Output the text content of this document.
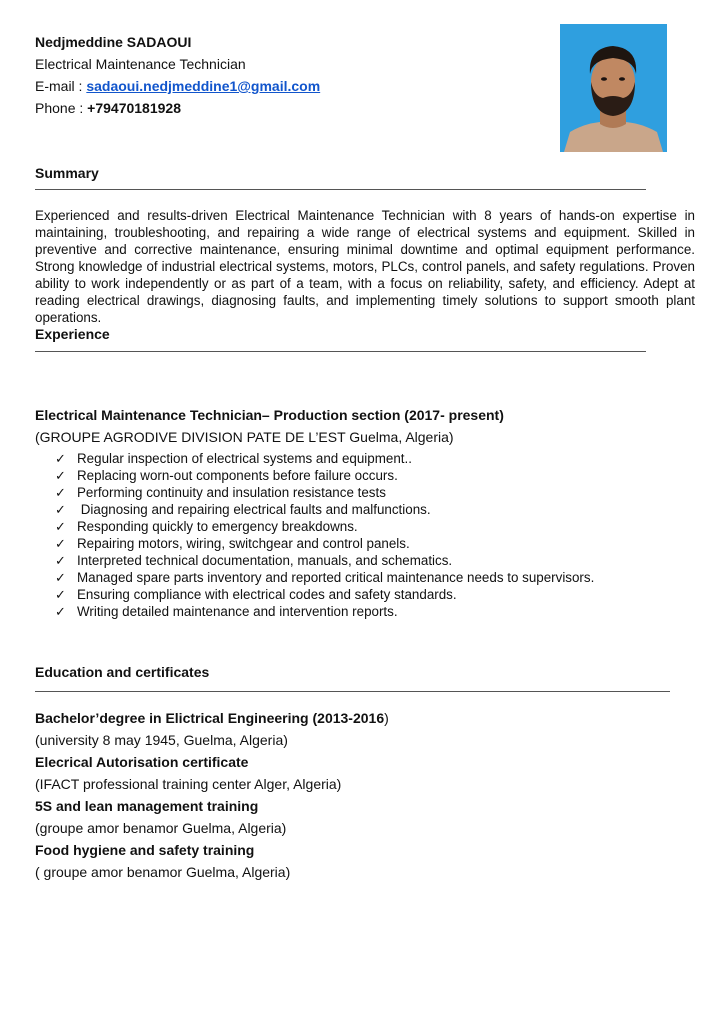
Nedjmeddine SADAOUI
Electrical Maintenance Technician
E-mail : sadaoui.nedjmeddine1@gmail.com
Phone : +79470181928
Summary
Experienced and results-driven Electrical Maintenance Technician with 8 years of hands-on expertise in maintaining, troubleshooting, and repairing a wide range of electrical systems and equipment. Skilled in preventive and corrective maintenance, ensuring minimal downtime and optimal equipment performance. Strong knowledge of industrial electrical systems, motors, PLCs, control panels, and safety regulations. Proven ability to work independently or as part of a team, with a focus on reliability, safety, and efficiency. Adept at reading electrical drawings, diagnosing faults, and implementing timely solutions to support smooth plant operations.
Experience
Electrical Maintenance Technician– Production section (2017- present)
(GROUPE AGRODIVE DIVISION PATE DE L’EST Guelma, Algeria)
✓ Regular inspection of electrical systems and equipment..
✓ Replacing worn-out components before failure occurs.
✓ Performing continuity and insulation resistance tests
✓ Diagnosing and repairing electrical faults and malfunctions.
✓ Responding quickly to emergency breakdowns.
✓ Repairing motors, wiring, switchgear and control panels.
✓ Interpreted technical documentation, manuals, and schematics.
✓ Managed spare parts inventory and reported critical maintenance needs to supervisors.
✓ Ensuring compliance with electrical codes and safety standards.
✓ Writing detailed maintenance and intervention reports.
Education and certificates
Bachelor’degree in Elictrical Engineering (2013-2016)
(university 8 may 1945, Guelma, Algeria)
Elecrical Autorisation certificate
(IFACT professional training center Alger, Algeria)
5S and lean management training
(groupe amor benamor Guelma, Algeria)
Food hygiene and safety training
( groupe amor benamor Guelma, Algeria)
